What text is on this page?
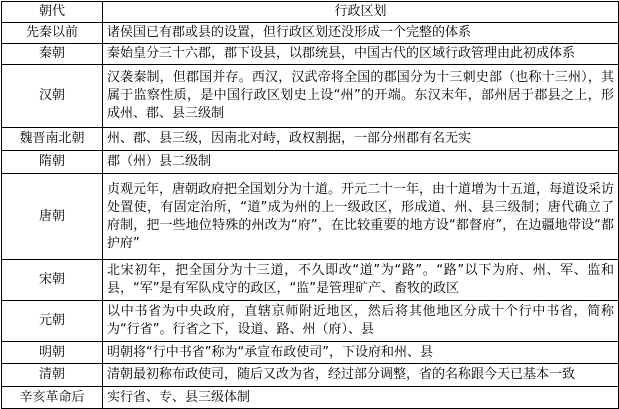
朝代	行政区划
先秦以前	诸侯国已有郡或县的设置，但行政区划还没形成一个完整的体系
秦朝	秦始皇分三十六郡，郡下设县，以郡统县，中国古代的区域行政管理由此初成体系
汉朝	汉袭秦制，但郡国并存。西汉，汉武帝将全国的郡国分为十三刺史部（也称十三州），其属于监察性质，是中国行政区划史上设“州”的开端。东汉末年，部州居于郡县之上，形成州、郡、县三级制
魏晋南北朝	州、郡、县三级，因南北对峙，政权割据，一部分州郡有名无实
隋朝	郡（州）县二级制
唐朝	贞观元年，唐朝政府把全国划分为十道。开元二十一年，由十道增为十五道，每道设采访处置使，有固定治所，“道”成为州的上一级政区，形成道、州、县三级制；唐代确立了府制，把一些地位特殊的州改为“府”，在比较重要的地方设“都督府”，在边疆地带设“都护府”
宋朝	北宋初年，把全国分为十三道，不久即改“道”为“路”。“路”以下为府、州、军、监和县，“军”是有军队戍守的政区，“监”是管理矿产、畜牧的政区
元朝	以中书省为中央政府，直辖京师附近地区，然后将其他地区分成十个行中书省，简称为“行省”。行省之下，设道、路、州（府）、县
明朝	明朝将“行中书省”称为“承宣布政使司”，下设府和州、县
清朝	清朝最初称布政使司，随后又改为省，经过部分调整，省的名称跟今天已基本一致
辛亥革命后	实行省、专、县三级体制
